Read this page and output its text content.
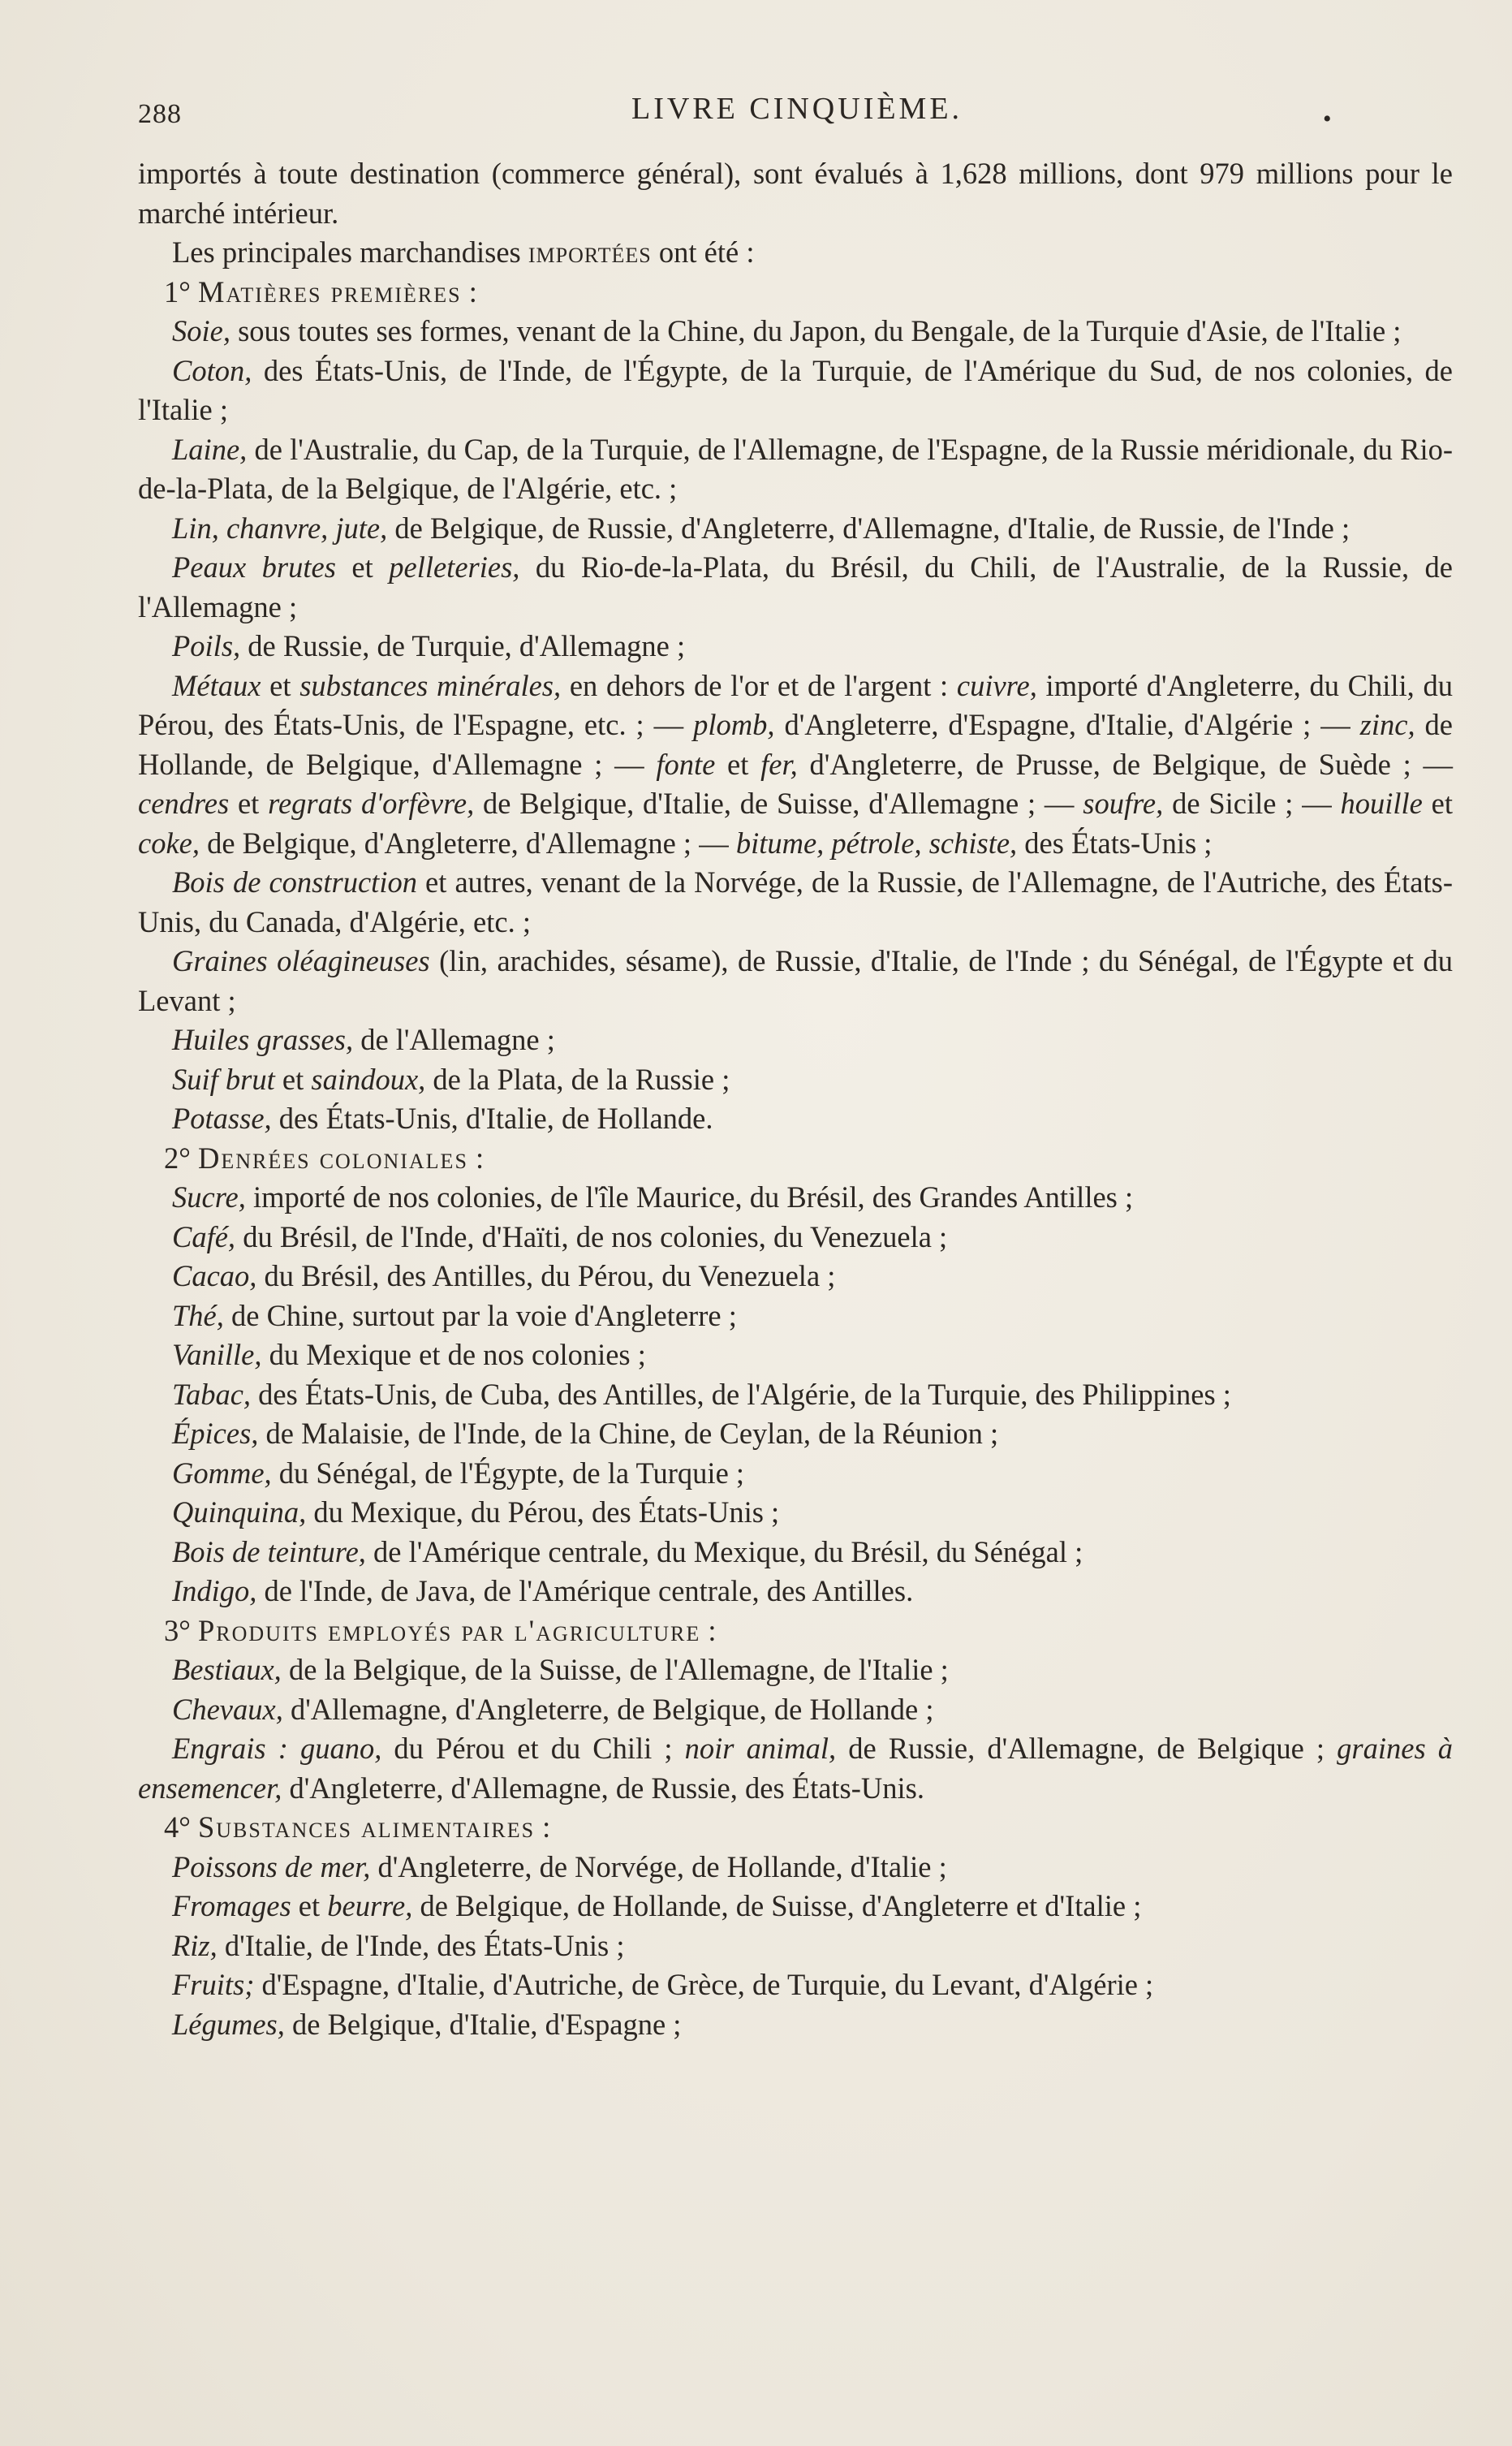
288	LIVRE CINQUIÈME.	•

importés à toute destination (commerce général), sont évalués à 1,628 millions, dont 979 millions pour le marché intérieur.

Les principales marchandises importées ont été :

1° Matières premières :

Soie, sous toutes ses formes, venant de la Chine, du Japon, du Bengale, de la Turquie d'Asie, de l'Italie ;

Coton, des États-Unis, de l'Inde, de l'Égypte, de la Turquie, de l'Amérique du Sud, de nos colonies, de l'Italie ;

Laine, de l'Australie, du Cap, de la Turquie, de l'Allemagne, de l'Espagne, de la Russie méridionale, du Rio-de-la-Plata, de la Belgique, de l'Algérie, etc. ;

Lin, chanvre, jute, de Belgique, de Russie, d'Angleterre, d'Allemagne, d'Italie, de Russie, de l'Inde ;

Peaux brutes et pelleteries, du Rio-de-la-Plata, du Brésil, du Chili, de l'Australie, de la Russie, de l'Allemagne ;

Poils, de Russie, de Turquie, d'Allemagne ;

Métaux et substances minérales, en dehors de l'or et de l'argent : cuivre, importé d'Angleterre, du Chili, du Pérou, des États-Unis, de l'Espagne, etc. ; — plomb, d'Angleterre, d'Espagne, d'Italie, d'Algérie ; — zinc, de Hollande, de Belgique, d'Allemagne ; — fonte et fer, d'Angleterre, de Prusse, de Belgique, de Suède ; — cendres et regrats d'orfèvre, de Belgique, d'Italie, de Suisse, d'Allemagne ; — soufre, de Sicile ; — houille et coke, de Belgique, d'Angleterre, d'Allemagne ; — bitume, pétrole, schiste, des États-Unis ;

Bois de construction et autres, venant de la Norvége, de la Russie, de l'Allemagne, de l'Autriche, des États-Unis, du Canada, d'Algérie, etc. ;

Graines oléagineuses (lin, arachides, sésame), de Russie, d'Italie, de l'Inde ; du Sénégal, de l'Égypte et du Levant ;

Huiles grasses, de l'Allemagne ;

Suif brut et saindoux, de la Plata, de la Russie ;

Potasse, des États-Unis, d'Italie, de Hollande.

2° Denrées coloniales :

Sucre, importé de nos colonies, de l'île Maurice, du Brésil, des Grandes Antilles ;

Café, du Brésil, de l'Inde, d'Haïti, de nos colonies, du Venezuela ;

Cacao, du Brésil, des Antilles, du Pérou, du Venezuela ;

Thé, de Chine, surtout par la voie d'Angleterre ;

Vanille, du Mexique et de nos colonies ;

Tabac, des États-Unis, de Cuba, des Antilles, de l'Algérie, de la Turquie, des Philippines ;

Épices, de Malaisie, de l'Inde, de la Chine, de Ceylan, de la Réunion ;

Gomme, du Sénégal, de l'Égypte, de la Turquie ;

Quinquina, du Mexique, du Pérou, des États-Unis ;

Bois de teinture, de l'Amérique centrale, du Mexique, du Brésil, du Sénégal ;

Indigo, de l'Inde, de Java, de l'Amérique centrale, des Antilles.

3° Produits employés par l'agriculture :

Bestiaux, de la Belgique, de la Suisse, de l'Allemagne, de l'Italie ;

Chevaux, d'Allemagne, d'Angleterre, de Belgique, de Hollande ;

Engrais : guano, du Pérou et du Chili ; noir animal, de Russie, d'Allemagne, de Belgique ; graines à ensemencer, d'Angleterre, d'Allemagne, de Russie, des États-Unis.

4° Substances alimentaires :

Poissons de mer, d'Angleterre, de Norvége, de Hollande, d'Italie ;

Fromages et beurre, de Belgique, de Hollande, de Suisse, d'Angleterre et d'Italie ;

Riz, d'Italie, de l'Inde, des États-Unis ;

Fruits; d'Espagne, d'Italie, d'Autriche, de Grèce, de Turquie, du Levant, d'Algérie ;

Légumes, de Belgique, d'Italie, d'Espagne ;
